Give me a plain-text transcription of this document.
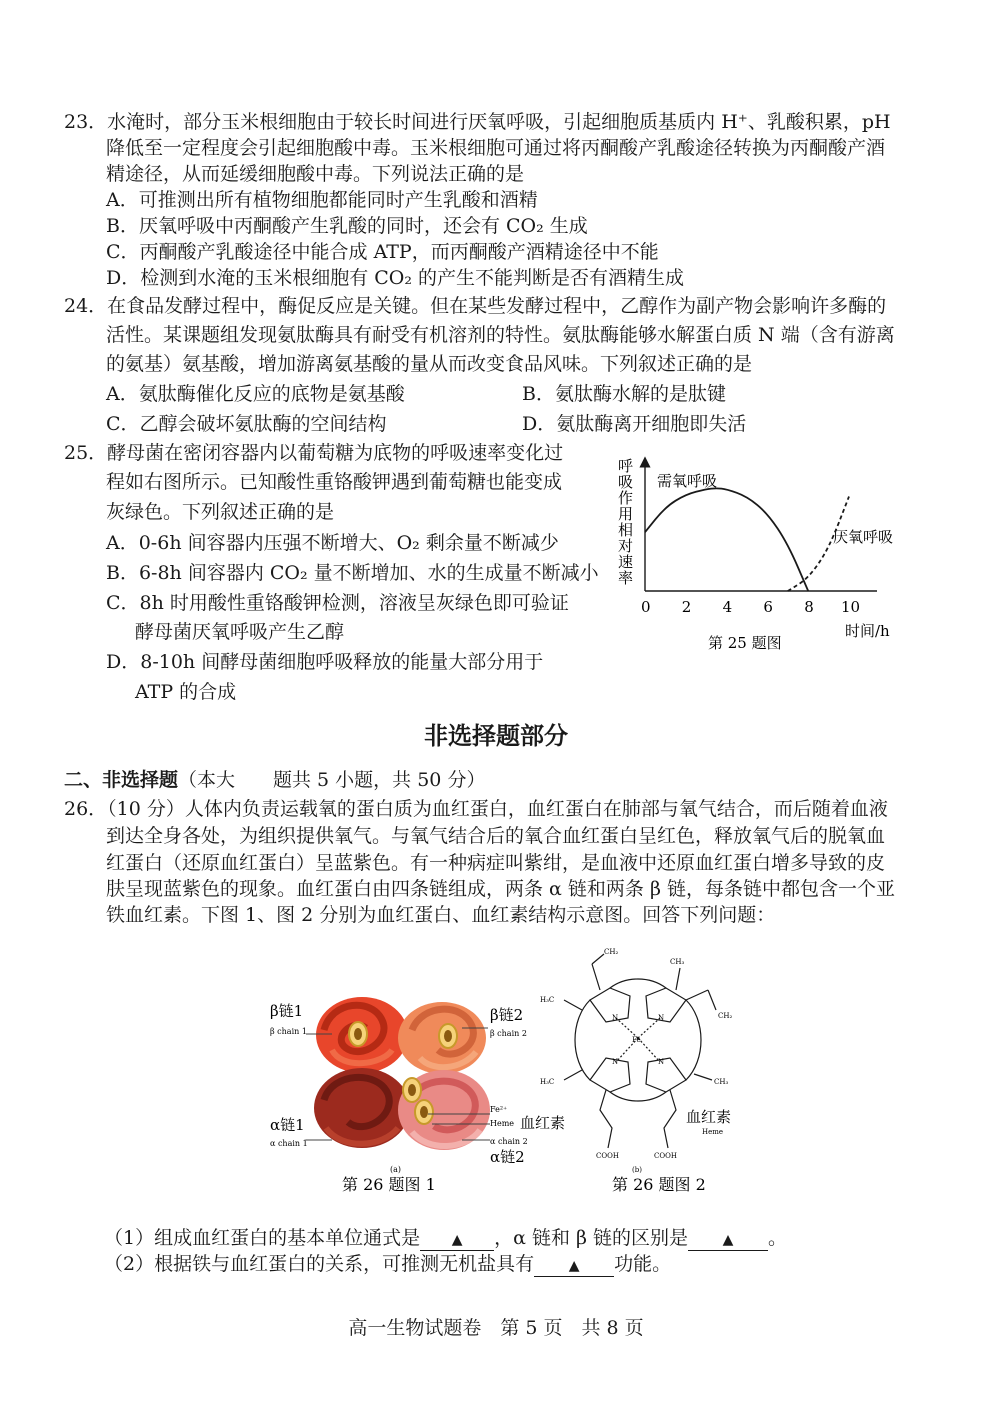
23．水淹时，部分玉米根细胞由于较长时间进行厌氧呼吸，引起细胞质基质内 H⁺、乳酸积累，pH
降低至一定程度会引起细胞酸中毒。玉米根细胞可通过将丙酮酸产乳酸途径转换为丙酮酸产酒
精途径，从而延缓细胞酸中毒。下列说法正确的是
A．可推测出所有植物细胞都能同时产生乳酸和酒精
B．厌氧呼吸中丙酮酸产生乳酸的同时，还会有 CO₂ 生成
C．丙酮酸产乳酸途径中能合成 ATP，而丙酮酸产酒精途径中不能
D．检测到水淹的玉米根细胞有 CO₂ 的产生不能判断是否有酒精生成
24．在食品发酵过程中，酶促反应是关键。但在某些发酵过程中，乙醇作为副产物会影响许多酶的
活性。某课题组发现氨肽酶具有耐受有机溶剂的特性。氨肽酶能够水解蛋白质 N 端（含有游离
的氨基）氨基酸，增加游离氨基酸的量从而改变食品风味。下列叙述正确的是
A．氨肽酶催化反应的底物是氨基酸	B．氨肽酶水解的是肽键
C．乙醇会破坏氨肽酶的空间结构	D．氨肽酶离开细胞即失活
25．酵母菌在密闭容器内以葡萄糖为底物的呼吸速率变化过
程如右图所示。已知酸性重铬酸钾遇到葡萄糖也能变成
灰绿色。下列叙述正确的是
A．0-6h 间容器内压强不断增大、O₂ 剩余量不断减少
B．6-8h 间容器内 CO₂ 量不断增加、水的生成量不断减小
C．8h 时用酸性重铬酸钾检测，溶液呈灰绿色即可验证
酵母菌厌氧呼吸产生乙醇
D．8-10h 间酵母菌细胞呼吸释放的能量大部分用于
ATP 的合成
呼吸作用相对速率 需氧呼吸
厌氧呼吸
0 2 4 6 8 10
时间/h
第 25 题图
非选择题部分
二、非选择题（本大　　题共 5 小题，共 50 分）
26．（10 分）人体内负责运载氧的蛋白质为血红蛋白，血红蛋白在肺部与氧气结合，而后随着血液
到达全身各处，为组织提供氧气。与氧气结合后的氧合血红蛋白呈红色，释放氧气后的脱氧血
红蛋白（还原血红蛋白）呈蓝紫色。有一种病症叫紫绀，是血液中还原血红蛋白增多导致的皮
肤呈现蓝紫色的现象。血红蛋白由四条链组成，两条 α 链和两条 β 链，每条链中都包含一个亚
铁血红素。下图 1、图 2 分别为血红蛋白、血红素结构示意图。回答下列问题：
β链1
β chain 1
β链2
β chain 2
α链1
α chain 1
Fe²⁺
Heme 血红素
α chain 2
α链2
(a)
第 26 题图 1
CH₂
CH₃
H₃C
CH₂
H₃C	CH₃
N	N
N	N
Fe
COOH	COOH
血红素
Heme
(b)
第 26 题图 2
（1）组成血红蛋白的基本单位通式是 ▲ ，α 链和 β 链的区别是 ▲ 。
（2）根据铁与血红蛋白的关系，可推测无机盐具有 ▲ 功能。
高一生物试题卷　第 5 页　共 8 页
